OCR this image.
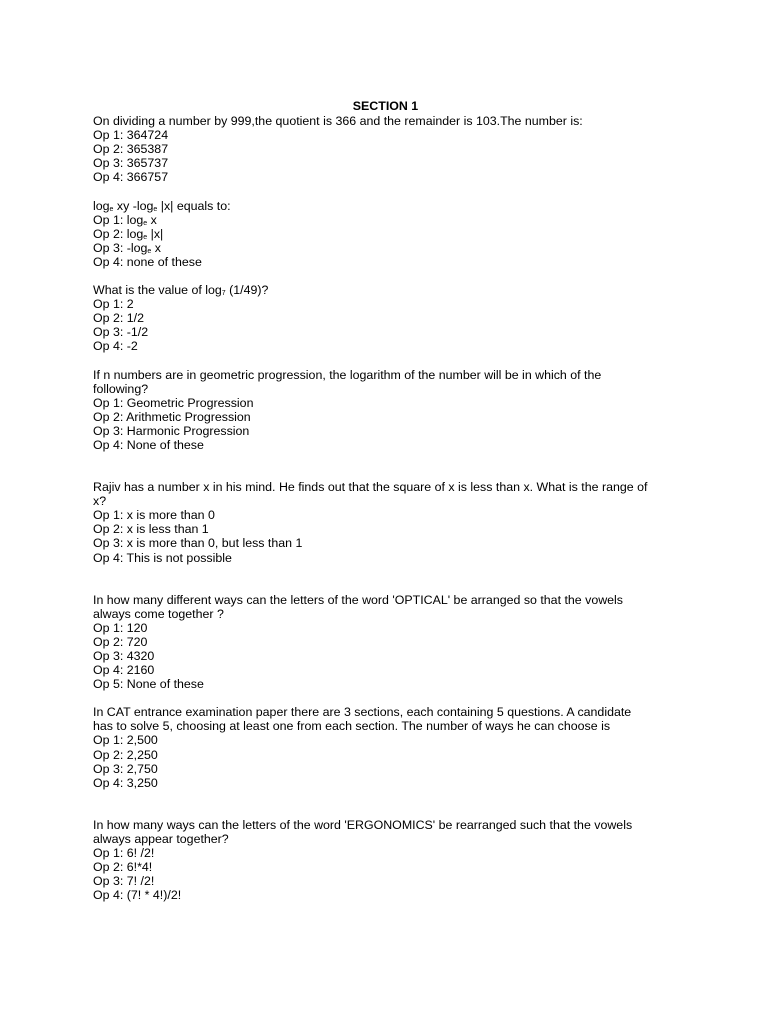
SECTION 1
On dividing a number by 999,the quotient is 366 and the remainder is 103.The number is:
Op 1: 364724
Op 2: 365387
Op 3: 365737
Op 4: 366757
$\log_e$ xy $-\log_e$ |x| equals to:
Op 1: $\log_e x$
Op 2: $\log_e |x|$
Op 3: $-\log_e$ x
Op 4: none of these
What is the value of $\log_7 (1/49)$?
Op 1: 2
Op 2: 1/2
Op 3: -1/2
Op 4: -2
If n numbers are in geometric progression, the logarithm of the number will be in which of the
following?
Op 1: Geometric Progression
Op 2: Arithmetic Progression
Op 3: Harmonic Progression
Op 4: None of these
Rajiv has a number x in his mind. He finds out that the square of x is less than x. What is the range of
x?
Op 1: x is more than 0
Op 2: x is less than 1
Op 3: x is more than 0, but less than 1
Op 4: This is not possible
In how many different ways can the letters of the word 'OPTICAL' be arranged so that the vowels
always come together ?
Op 1: 120
Op 2: 720
Op 3: 4320
Op 4: 2160
Op 5: None of these
In CAT entrance examination paper there are 3 sections, each containing 5 questions. A candidate
has to solve 5, choosing at least one from each section. The number of ways he can choose is
Op 1: 2,500
Op 2: 2,250
Op 3: 2,750
Op 4: 3,250
In how many ways can the letters of the word 'ERGONOMICS' be rearranged such that the vowels
always appear together?
Op 1: 6! /2!
Op 2: 6!*4!
Op 3: 7! /2!
Op 4: (7! * 4!)/2!
